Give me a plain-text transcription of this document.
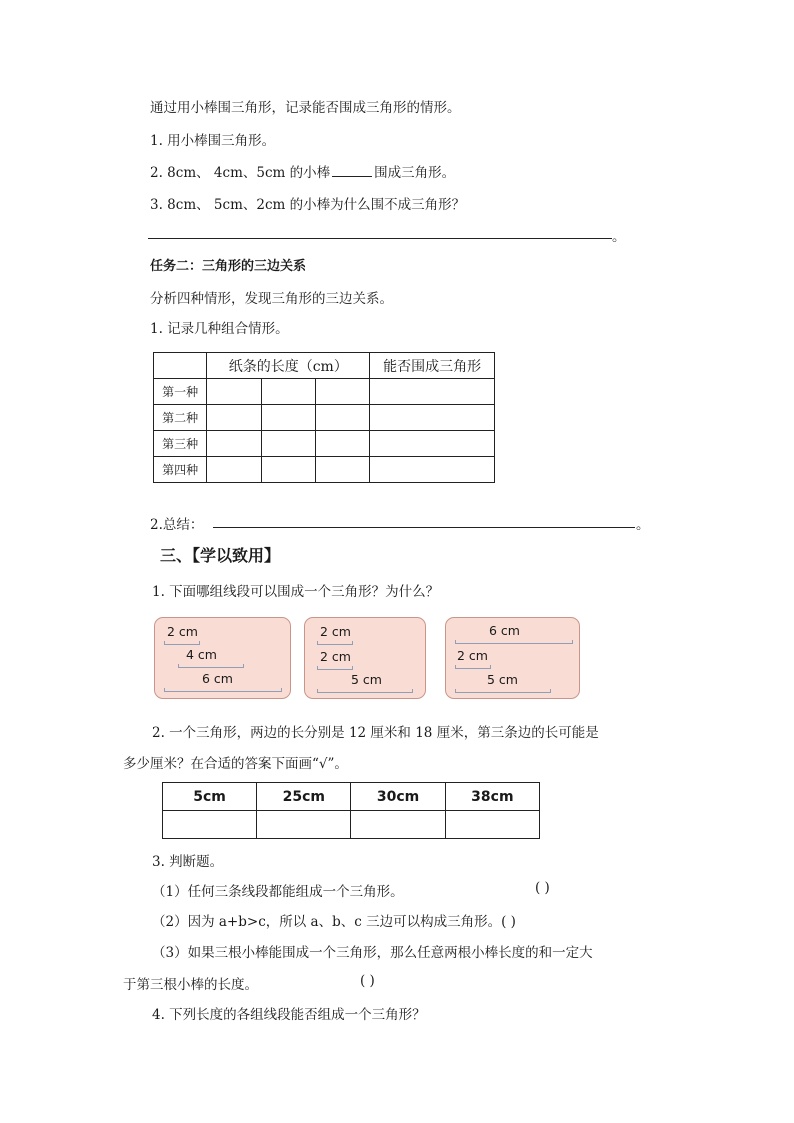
通过用小棒围三角形，记录能否围成三角形的情形。
1. 用小棒围三角形。
2. 8cm、 4cm、5cm 的小棒	围成三角形。
3. 8cm、 5cm、2cm 的小棒为什么围不成三角形？
。
任务二：三角形的三边关系
分析四种情形，发现三角形的三边关系。
1. 记录几种组合情形。
	纸条的长度（cm）			能否围成三角形
第一种				
第二种				
第三种				
第四种				
2.总结：	。
三、【学以致用】
1. 下面哪组线段可以围成一个三角形？为什么？
2 cm
4 cm
6 cm
2 cm
2 cm
5 cm
6 cm
2 cm
5 cm
2. 一个三角形，两边的长分别是 12 厘米和 18 厘米，第三条边的长可能是
多少厘米？在合适的答案下面画“√”。
5cm	25cm	30cm	38cm

3. 判断题。
（1）任何三条线段都能组成一个三角形。	( )
（2）因为 a+b>c，所以 a、b、c 三边可以构成三角形。( )
（3）如果三根小棒能围成一个三角形，那么任意两根小棒长度的和一定大
于第三根小棒的长度。	( )
4. 下列长度的各组线段能否组成一个三角形？
